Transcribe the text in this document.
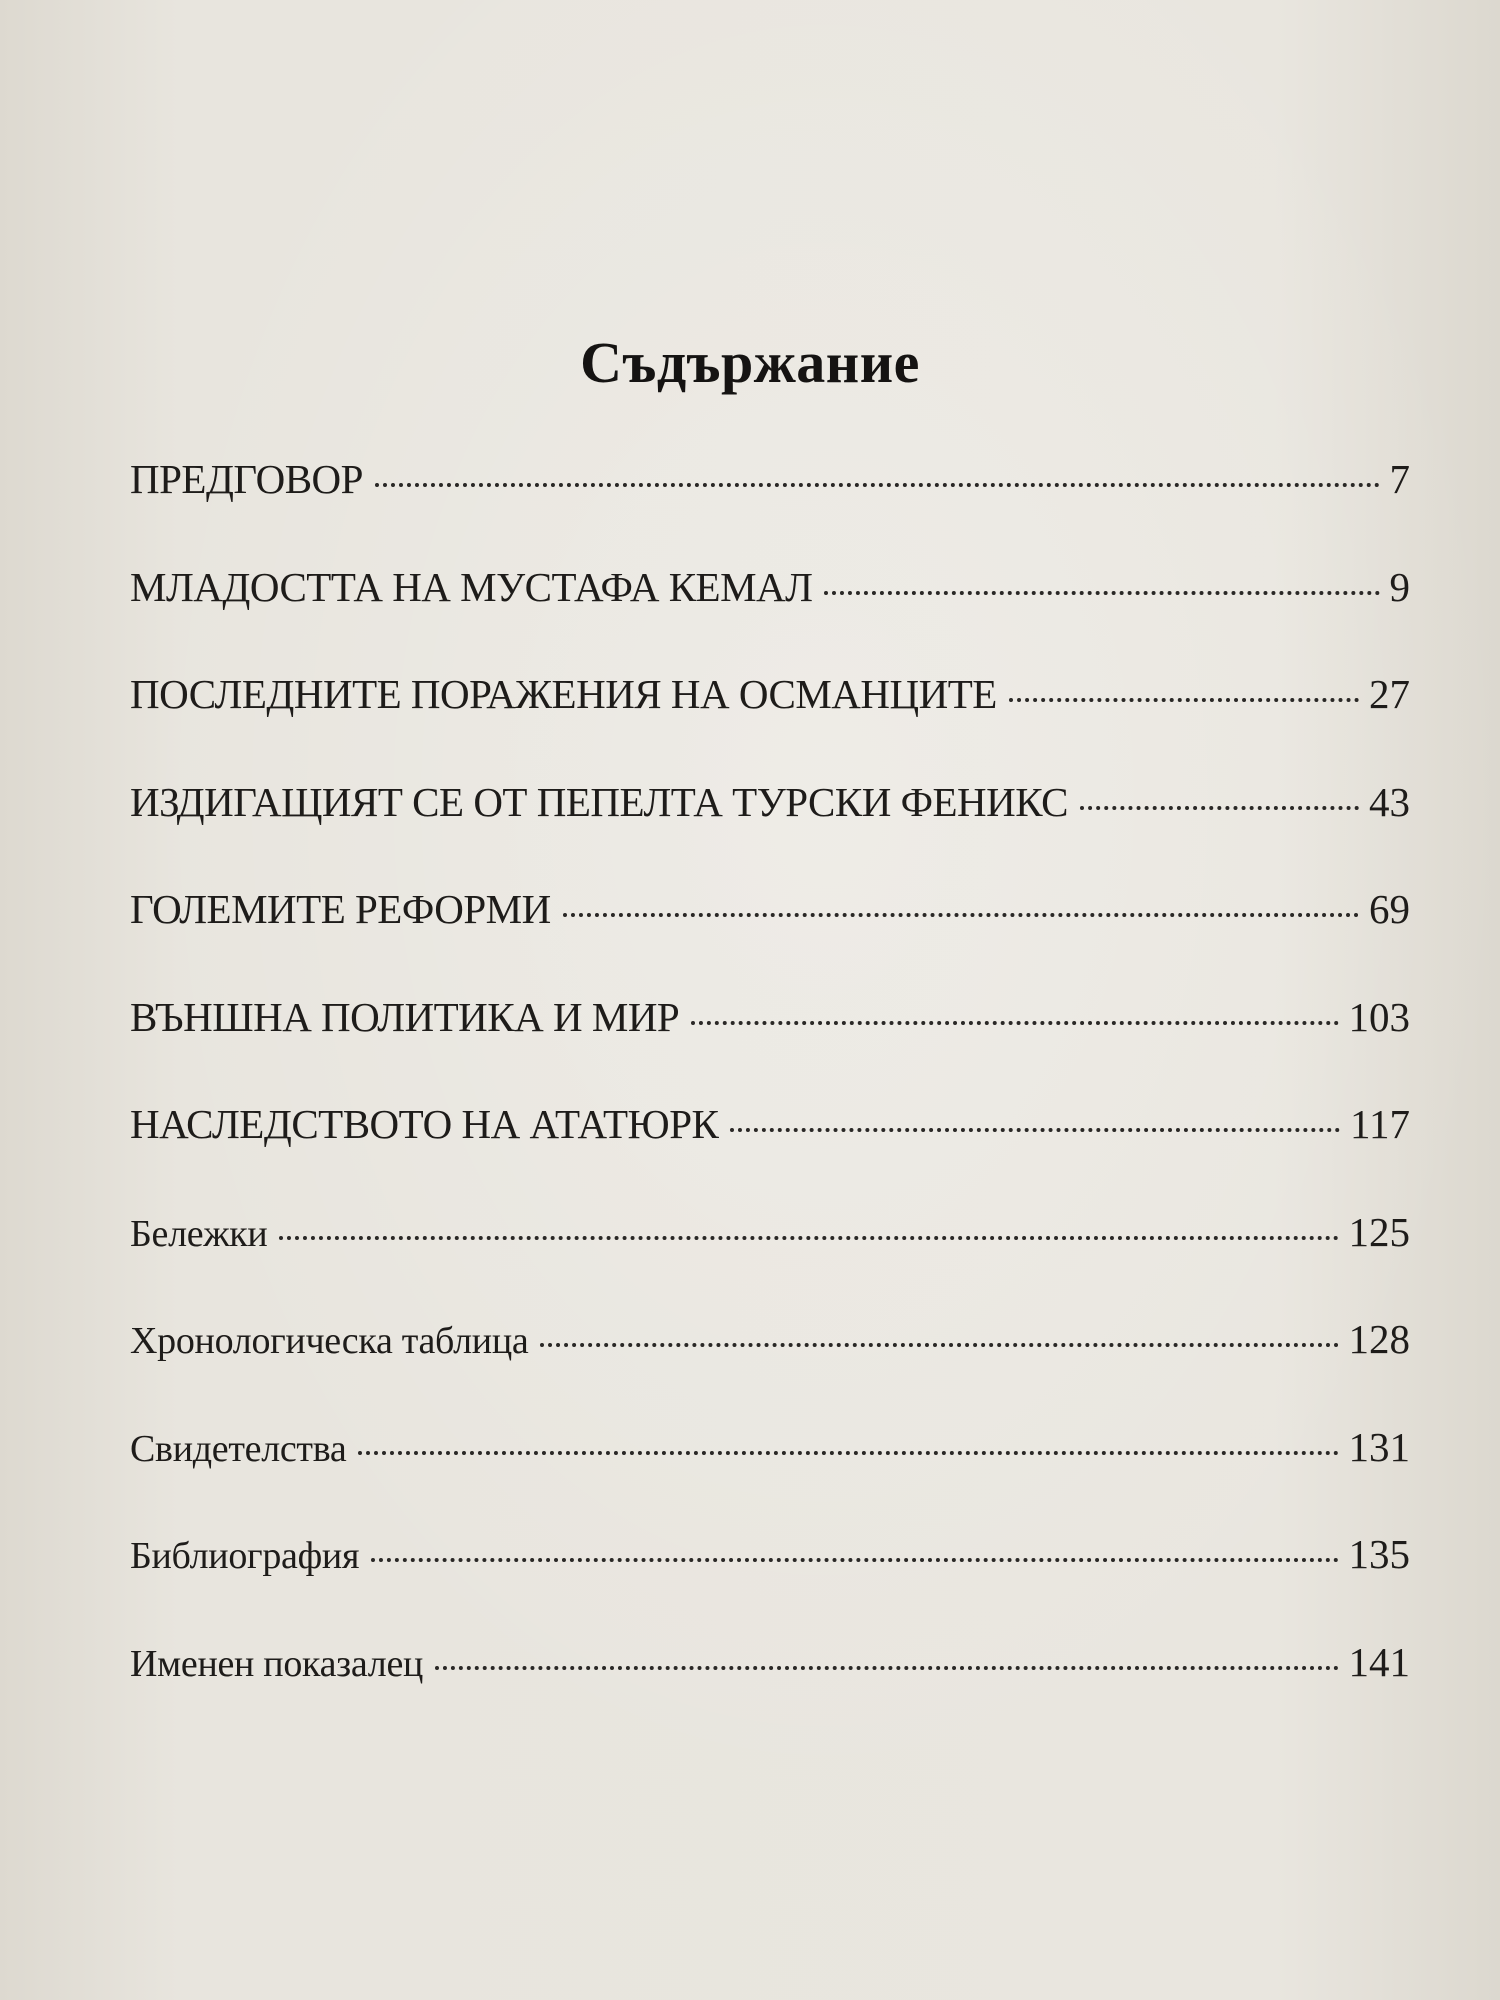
Съдържание
ПРЕДГОВОР	7
МЛАДОСТТА НА МУСТАФА КЕМАЛ	9
ПОСЛЕДНИТЕ ПОРАЖЕНИЯ НА ОСМАНЦИТЕ	27
ИЗДИГАЩИЯТ СЕ ОТ ПЕПЕЛТА ТУРСКИ ФЕНИКС	43
ГОЛЕМИТЕ РЕФОРМИ	69
ВЪНШНА ПОЛИТИКА И МИР	103
НАСЛЕДСТВОТО НА АТАТЮРК	117
Бележки	125
Хронологическа таблица	128
Свидетелства	131
Библиография	135
Именен показалец	141
